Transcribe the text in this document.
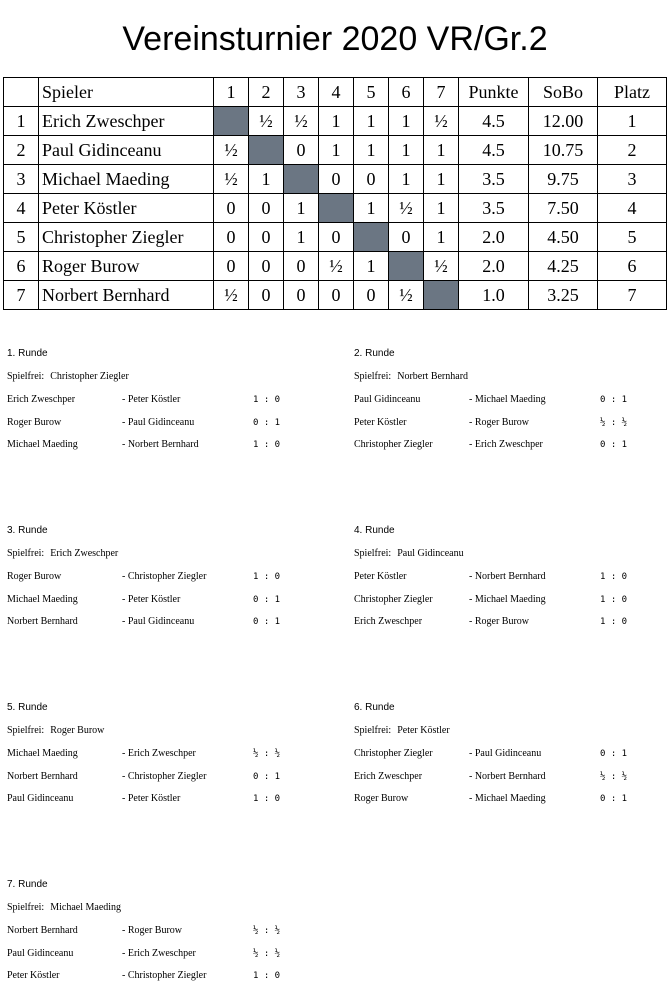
Vereinsturnier 2020 VR/Gr.2
	Spieler	1	2	3	4	5	6	7	Punkte	SoBo	Platz
1	Erich Zweschper		½	½	1	1	1	½	4.5	12.00	1
2	Paul Gidinceanu	½		0	1	1	1	1	4.5	10.75	2
3	Michael Maeding	½	1		0	0	1	1	3.5	9.75	3
4	Peter Köstler	0	0	1		1	½	1	3.5	7.50	4
5	Christopher Ziegler	0	0	1	0		0	1	2.0	4.50	5
6	Roger Burow	0	0	0	½	1		½	2.0	4.25	6
7	Norbert Bernhard	½	0	0	0	0	½		1.0	3.25	7
1. Runde
Spielfrei: Christopher Ziegler
Erich Zweschper	- Peter Köstler	1 : 0
Roger Burow	- Paul Gidinceanu	0 : 1
Michael Maeding	- Norbert Bernhard	1 : 0
2. Runde
Spielfrei: Norbert Bernhard
Paul Gidinceanu	- Michael Maeding	0 : 1
Peter Köstler	- Roger Burow	½ : ½
Christopher Ziegler	- Erich Zweschper	0 : 1
3. Runde
Spielfrei: Erich Zweschper
Roger Burow	- Christopher Ziegler	1 : 0
Michael Maeding	- Peter Köstler	0 : 1
Norbert Bernhard	- Paul Gidinceanu	0 : 1
4. Runde
Spielfrei: Paul Gidinceanu
Peter Köstler	- Norbert Bernhard	1 : 0
Christopher Ziegler	- Michael Maeding	1 : 0
Erich Zweschper	- Roger Burow	1 : 0
5. Runde
Spielfrei: Roger Burow
Michael Maeding	- Erich Zweschper	½ : ½
Norbert Bernhard	- Christopher Ziegler	0 : 1
Paul Gidinceanu	- Peter Köstler	1 : 0
6. Runde
Spielfrei: Peter Köstler
Christopher Ziegler	- Paul Gidinceanu	0 : 1
Erich Zweschper	- Norbert Bernhard	½ : ½
Roger Burow	- Michael Maeding	0 : 1
7. Runde
Spielfrei: Michael Maeding
Norbert Bernhard	- Roger Burow	½ : ½
Paul Gidinceanu	- Erich Zweschper	½ : ½
Peter Köstler	- Christopher Ziegler	1 : 0
